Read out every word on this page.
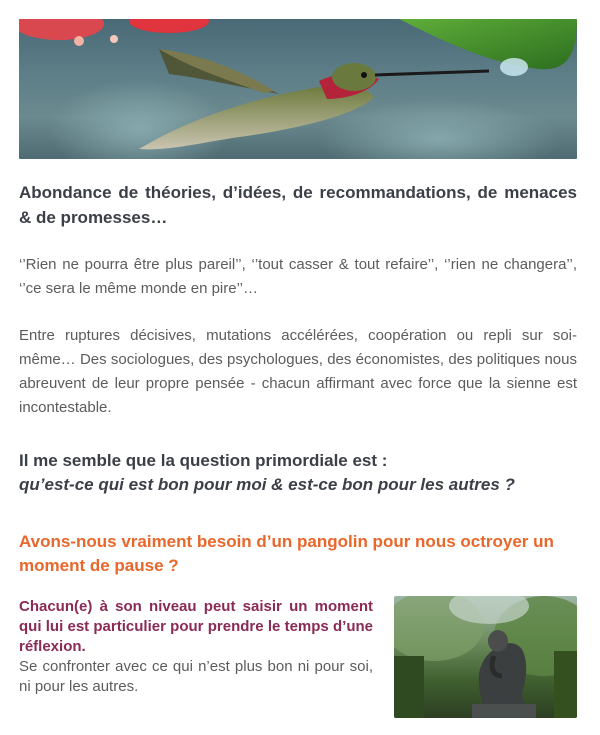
Abondance de théories, d’idées, de recommandations, de menaces & de promesses…

‘’Rien ne pourra être plus pareil’’, ‘’tout casser & tout refaire’’, ‘’rien ne changera’’, ‘’ce sera le même monde en pire’’…

Entre ruptures décisives, mutations accélérées, coopération ou repli sur soi-même… Des sociologues, des psychologues, des économistes, des politiques nous abreuvent de leur propre pensée - chacun affirmant avec force que la sienne est incontestable.

Il me semble que la question primordiale est :

qu’est-ce qui est bon pour moi & est-ce bon pour les autres ?

Avons-nous vraiment besoin d’un pangolin pour nous octroyer un moment de pause ?

Chacun(e) à son niveau peut saisir un moment qui lui est particulier pour prendre le temps d’une réflexion.
Se confronter avec ce qui n’est plus bon ni pour soi, ni pour les autres.
